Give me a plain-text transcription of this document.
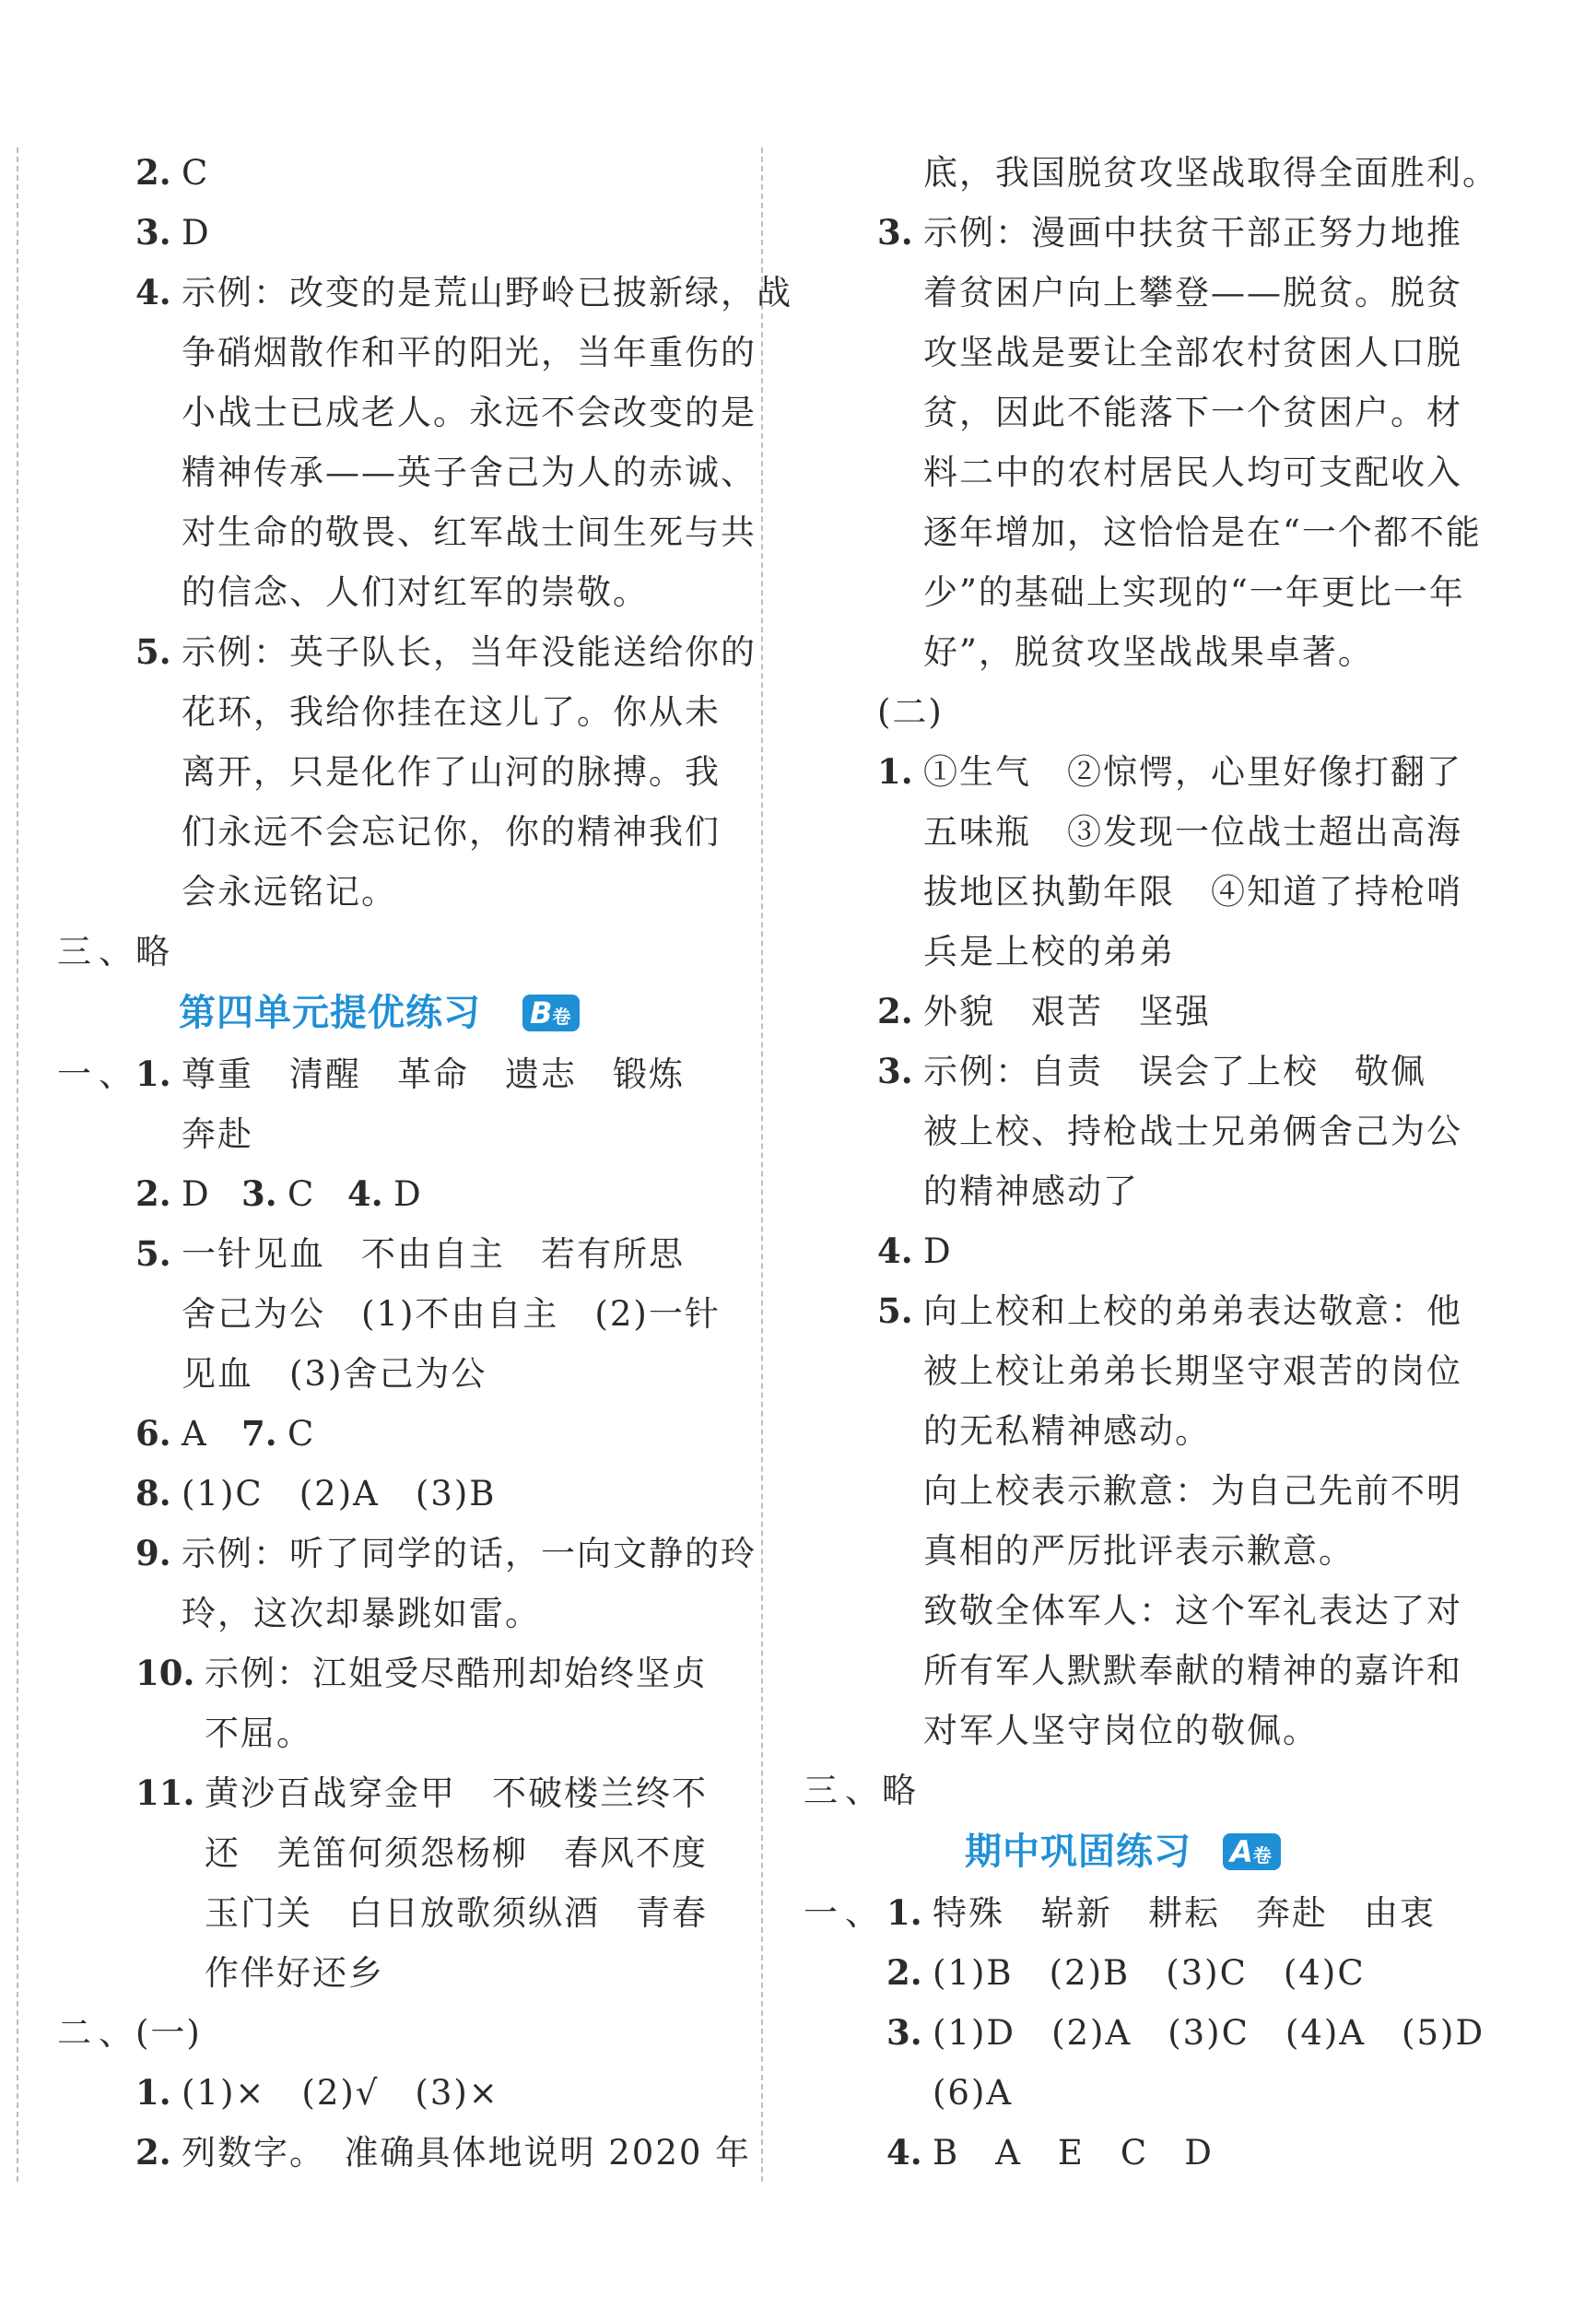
2. C
3. D
4. 示例：改变的是荒山野岭已披新绿，战
争硝烟散作和平的阳光，当年重伤的
小战士已成老人。永远不会改变的是
精神传承——英子舍己为人的赤诚、
对生命的敬畏、红军战士间生死与共
的信念、人们对红军的崇敬。
5. 示例：英子队长，当年没能送给你的
花环，我给你挂在这儿了。你从未
离开，只是化作了山河的脉搏。我
们永远不会忘记你，你的精神我们
会永远铭记。
三、
略
第四单元提优练习 B卷
一、
1. 尊重　清醒　革命　遗志　锻炼
奔赴
2. D 3. C 4. D
5. 一针见血　不由自主　若有所思
舍己为公　(1)不由自主　(2)一针
见血　(3)舍己为公
6. A 7. C
8. (1)C　(2)A　(3)B
9. 示例：听了同学的话，一向文静的玲
玲，这次却暴跳如雷。
10. 示例：江姐受尽酷刑却始终坚贞
不屈。
11. 黄沙百战穿金甲　不破楼兰终不
还　羌笛何须怨杨柳　春风不度
玉门关　白日放歌须纵酒　青春
作伴好还乡
二、
(一)
1. (1)×　(2)√　(3)×
2. 列数字。　准确具体地说明 2020 年
底，我国脱贫攻坚战取得全面胜利。
3. 示例：漫画中扶贫干部正努力地推
着贫困户向上攀登——脱贫。脱贫
攻坚战是要让全部农村贫困人口脱
贫，因此不能落下一个贫困户。材
料二中的农村居民人均可支配收入
逐年增加，这恰恰是在“一个都不能
少”的基础上实现的“一年更比一年
好”，脱贫攻坚战战果卓著。
(二)
1. ①生气　②惊愕，心里好像打翻了
五味瓶　③发现一位战士超出高海
拔地区执勤年限　④知道了持枪哨
兵是上校的弟弟
2. 外貌　艰苦　坚强
3. 示例：自责　误会了上校　敬佩
被上校、持枪战士兄弟俩舍己为公
的精神感动了
4. D
5. 向上校和上校的弟弟表达敬意：他
被上校让弟弟长期坚守艰苦的岗位
的无私精神感动。
向上校表示歉意：为自己先前不明
真相的严厉批评表示歉意。
致敬全体军人：这个军礼表达了对
所有军人默默奉献的精神的嘉许和
对军人坚守岗位的敬佩。
三、
略
期中巩固练习 A卷
一、 1. 特殊　崭新　耕耘　奔赴　由衷
2. (1)B　(2)B　(3)C　(4)C
3. (1)D　(2)A　(3)C　(4)A　(5)D
(6)A
4. B　A　E　C　D
